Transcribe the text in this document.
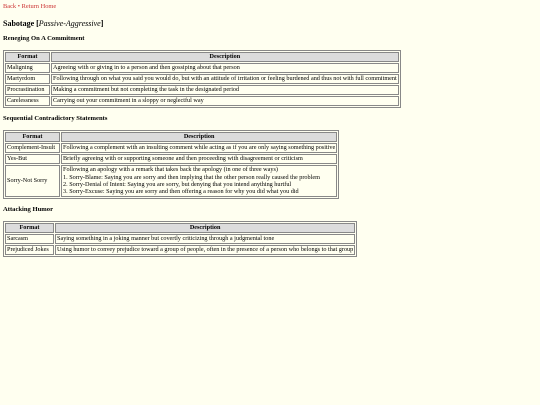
Back • Return Home
Sabotage [Passive-Aggressive]
Reneging On A Commitment
Format	Description
Maligning	Agreeing with or giving in to a person and then gossiping about that person
Martyrdom	Following through on what you said you would do, but with an attitude of irritation or feeling burdened and thus not with full commitment
Procrastination	Making a commitment but not completing the task in the designated period
Carelessness	Carrying out your commitment in a sloppy or neglectful way
Sequential Contradictory Statements
Format	Description
Complement-Insult	Following a complement with an insulting comment while acting as if you are only saying something positive
Yes-But	Briefly agreeing with or supporting someone and then proceeding with disagreement or criticism
Sorry-Not Sorry	Following an apology with a remark that takes back the apology (in one of three ways)
1. Sorry-Blame: Saying you are sorry and then implying that the other person really caused the problem
2. Sorry-Denial of Intent: Saying you are sorry, but denying that you intend anything hurtful
3. Sorry-Excuse: Saying you are sorry and then offering a reason for why you did what you did
Attacking Humor
Format	Description
Sarcasm	Saying something in a joking manner but covertly criticizing through a judgmental tone
Prejudiced Jokes	Using humor to convey prejudice toward a group of people, often in the presence of a person who belongs to that group
